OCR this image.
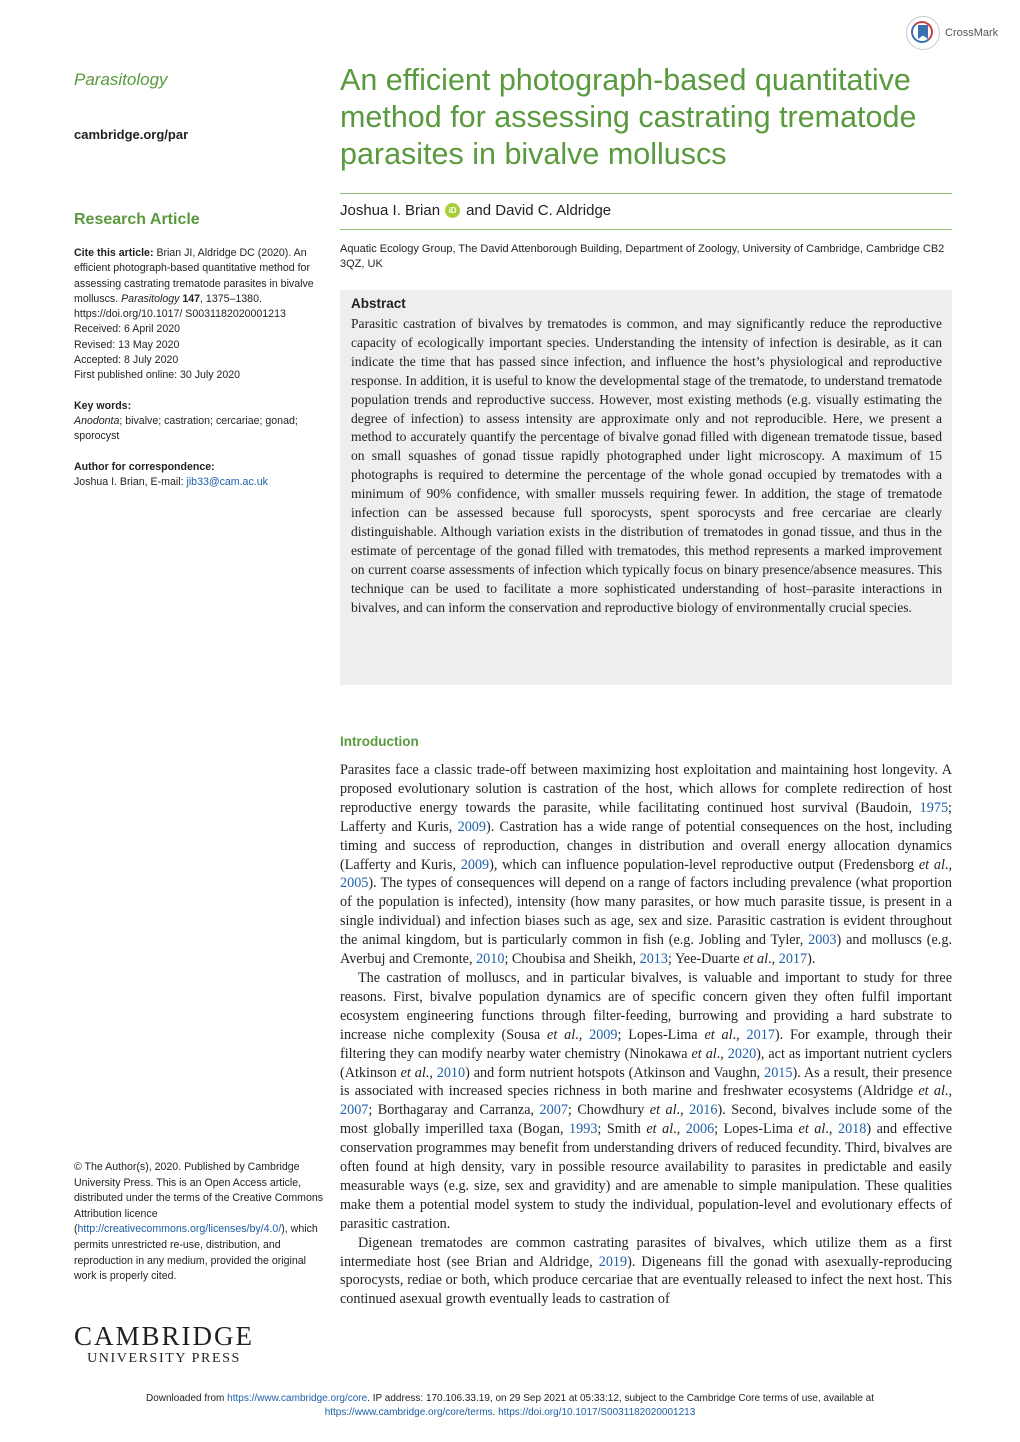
Parasitology
cambridge.org/par
CrossMark
An efficient photograph-based quantitative method for assessing castrating trematode parasites in bivalve molluscs
Joshua I. Brian	iD and David C. Aldridge
Aquatic Ecology Group, The David Attenborough Building, Department of Zoology, University of Cambridge, Cambridge CB2 3QZ, UK
Research Article

Cite this article: Brian JI, Aldridge DC (2020). An efficient photograph-based quantitative method for assessing castrating trematode parasites in bivalve molluscs. Parasitology 147, 1375–1380. https://doi.org/10.1017/ S0031182020001213

Received: 6 April 2020

Revised: 13 May 2020

Accepted: 8 July 2020

First published online: 30 July 2020

Key words:

Anodonta; bivalve; castration; cercariae; gonad; sporocyst

Author for correspondence:

Joshua I. Brian, E-mail: jib33@cam.ac.uk

Abstract

Parasitic castration of bivalves by trematodes is common, and may significantly reduce the reproductive capacity of ecologically important species. Understanding the intensity of infection is desirable, as it can indicate the time that has passed since infection, and influence the host’s physiological and reproductive response. In addition, it is useful to know the developmental stage of the trematode, to understand trematode population trends and reproductive success. However, most existing methods (e.g. visually estimating the degree of infection) to assess intensity are approximate only and not reproducible. Here, we present a method to accurately quantify the percentage of bivalve gonad filled with digenean trematode tissue, based on small squashes of gonad tissue rapidly photographed under light microscopy. A maximum of 15 photographs is required to determine the percentage of the whole gonad occupied by trematodes with a minimum of 90% confidence, with smaller mussels requiring fewer. In addition, the stage of trematode infection can be assessed because full sporocysts, spent sporocysts and free cercariae are clearly distinguishable. Although variation exists in the distribution of trematodes in gonad tissue, and thus in the estimate of percentage of the gonad filled with trematodes, this method represents a marked improvement on current coarse assessments of infection which typically focus on binary presence/absence measures. This technique can be used to facilitate a more sophisticated understanding of host–parasite interactions in bivalves, and can inform the conservation and reproductive biology of environmentally crucial species.

Introduction

Parasites face a classic trade-off between maximizing host exploitation and maintaining host longevity. A proposed evolutionary solution is castration of the host, which allows for complete redirection of host reproductive energy towards the parasite, while facilitating continued host survival (Baudoin, 1975; Lafferty and Kuris, 2009). Castration has a wide range of potential consequences on the host, including timing and success of reproduction, changes in distribution and overall energy allocation dynamics (Lafferty and Kuris, 2009), which can influence population-level reproductive output (Fredensborg et al., 2005). The types of consequences will depend on a range of factors including prevalence (what proportion of the population is infected), intensity (how many parasites, or how much parasite tissue, is present in a single individual) and infection biases such as age, sex and size. Parasitic castration is evident throughout the animal kingdom, but is particularly common in fish (e.g. Jobling and Tyler, 2003) and molluscs (e.g. Averbuj and Cremonte, 2010; Choubisa and Sheikh, 2013; Yee-Duarte et al., 2017).

The castration of molluscs, and in particular bivalves, is valuable and important to study for three reasons. First, bivalve population dynamics are of specific concern given they often fulfil important ecosystem engineering functions through filter-feeding, burrowing and providing a hard substrate to increase niche complexity (Sousa et al., 2009; Lopes-Lima et al., 2017). For example, through their filtering they can modify nearby water chemistry (Ninokawa et al., 2020), act as important nutrient cyclers (Atkinson et al., 2010) and form nutrient hotspots (Atkinson and Vaughn, 2015). As a result, their presence is associated with increased species richness in both marine and freshwater ecosystems (Aldridge et al., 2007; Borthagaray and Carranza, 2007; Chowdhury et al., 2016). Second, bivalves include some of the most globally imperilled taxa (Bogan, 1993; Smith et al., 2006; Lopes-Lima et al., 2018) and effective conservation programmes may benefit from understanding drivers of reduced fecundity. Third, bivalves are often found at high density, vary in possible resource availability to parasites in predictable and easily measurable ways (e.g. size, sex and gravidity) and are amenable to simple manipulation. These qualities make them a potential model system to study the individual, population-level and evolutionary effects of parasitic castration.

Digenean trematodes are common castrating parasites of bivalves, which utilize them as a first intermediate host (see Brian and Aldridge, 2019). Digeneans fill the gonad with asexually-reproducing sporocysts, rediae or both, which produce cercariae that are eventually released to infect the next host. This continued asexual growth eventually leads to castration of

© The Author(s), 2020. Published by Cambridge University Press. This is an Open Access article, distributed under the terms of the Creative Commons Attribution licence (http://creativecommons.org/licenses/by/4.0/), which permits unrestricted re-use, distribution, and reproduction in any medium, provided the original work is properly cited.
CAMBRIDGE
UNIVERSITY PRESS
Downloaded from https://www.cambridge.org/core. IP address: 170.106.33.19, on 29 Sep 2021 at 05:33:12, subject to the Cambridge Core terms of use, available at
https://www.cambridge.org/core/terms. https://doi.org/10.1017/S0031182020001213
